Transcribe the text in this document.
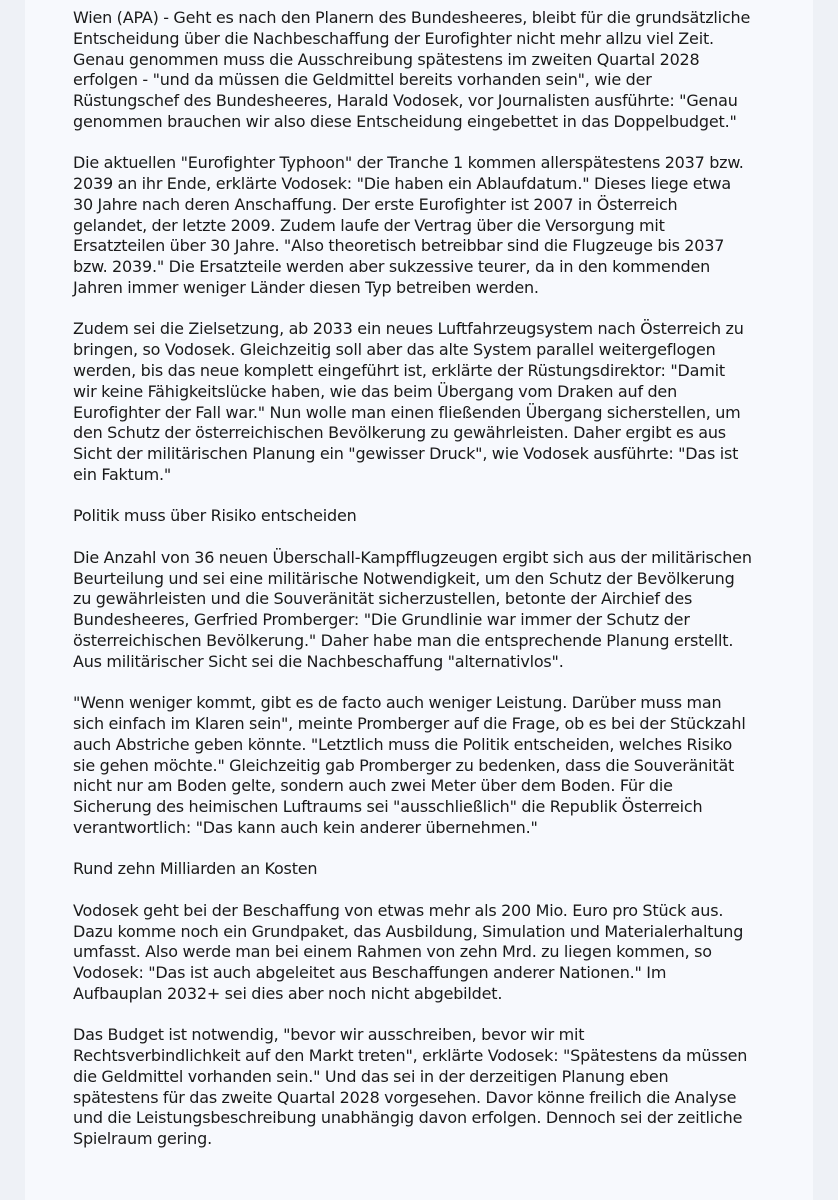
Wien (APA) - Geht es nach den Planern des Bundesheeres, bleibt für die grundsätzliche Entscheidung über die Nachbeschaffung der Eurofighter nicht mehr allzu viel Zeit. Genau genommen muss die Ausschreibung spätestens im zweiten Quartal 2028 erfolgen - "und da müssen die Geldmittel bereits vorhanden sein", wie der Rüstungschef des Bundesheeres, Harald Vodosek, vor Journalisten ausführte: "Genau genommen brauchen wir also diese Entscheidung eingebettet in das Doppelbudget."

Die aktuellen "Eurofighter Typhoon" der Tranche 1 kommen allerspätestens 2037 bzw. 2039 an ihr Ende, erklärte Vodosek: "Die haben ein Ablaufdatum." Dieses liege etwa 30 Jahre nach deren Anschaffung. Der erste Eurofighter ist 2007 in Österreich gelandet, der letzte 2009. Zudem laufe der Vertrag über die Versorgung mit Ersatzteilen über 30 Jahre. "Also theoretisch betreibbar sind die Flugzeuge bis 2037 bzw. 2039." Die Ersatzteile werden aber sukzessive teurer, da in den kommenden Jahren immer weniger Länder diesen Typ betreiben werden.

Zudem sei die Zielsetzung, ab 2033 ein neues Luftfahrzeugsystem nach Österreich zu bringen, so Vodosek. Gleichzeitig soll aber das alte System parallel weitergeflogen werden, bis das neue komplett eingeführt ist, erklärte der Rüstungsdirektor: "Damit wir keine Fähigkeitslücke haben, wie das beim Übergang vom Draken auf den Eurofighter der Fall war." Nun wolle man einen fließenden Übergang sicherstellen, um den Schutz der österreichischen Bevölkerung zu gewährleisten. Daher ergibt es aus Sicht der militärischen Planung ein "gewisser Druck", wie Vodosek ausführte: "Das ist ein Faktum."

Politik muss über Risiko entscheiden

Die Anzahl von 36 neuen Überschall-Kampfflugzeugen ergibt sich aus der militärischen Beurteilung und sei eine militärische Notwendigkeit, um den Schutz der Bevölkerung zu gewährleisten und die Souveränität sicherzustellen, betonte der Airchief des Bundesheeres, Gerfried Promberger: "Die Grundlinie war immer der Schutz der österreichischen Bevölkerung." Daher habe man die entsprechende Planung erstellt. Aus militärischer Sicht sei die Nachbeschaffung "alternativlos".

"Wenn weniger kommt, gibt es de facto auch weniger Leistung. Darüber muss man sich einfach im Klaren sein", meinte Promberger auf die Frage, ob es bei der Stückzahl auch Abstriche geben könnte. "Letztlich muss die Politik entscheiden, welches Risiko sie gehen möchte." Gleichzeitig gab Promberger zu bedenken, dass die Souveränität nicht nur am Boden gelte, sondern auch zwei Meter über dem Boden. Für die Sicherung des heimischen Luftraums sei "ausschließlich" die Republik Österreich verantwortlich: "Das kann auch kein anderer übernehmen."

Rund zehn Milliarden an Kosten

Vodosek geht bei der Beschaffung von etwas mehr als 200 Mio. Euro pro Stück aus. Dazu komme noch ein Grundpaket, das Ausbildung, Simulation und Materialerhaltung umfasst. Also werde man bei einem Rahmen von zehn Mrd. zu liegen kommen, so Vodosek: "Das ist auch abgeleitet aus Beschaffungen anderer Nationen." Im Aufbauplan 2032+ sei dies aber noch nicht abgebildet.

Das Budget ist notwendig, "bevor wir ausschreiben, bevor wir mit Rechtsverbindlichkeit auf den Markt treten", erklärte Vodosek: "Spätestens da müssen die Geldmittel vorhanden sein." Und das sei in der derzeitigen Planung eben spätestens für das zweite Quartal 2028 vorgesehen. Davor könne freilich die Analyse und die Leistungsbeschreibung unabhängig davon erfolgen. Dennoch sei der zeitliche Spielraum gering.
